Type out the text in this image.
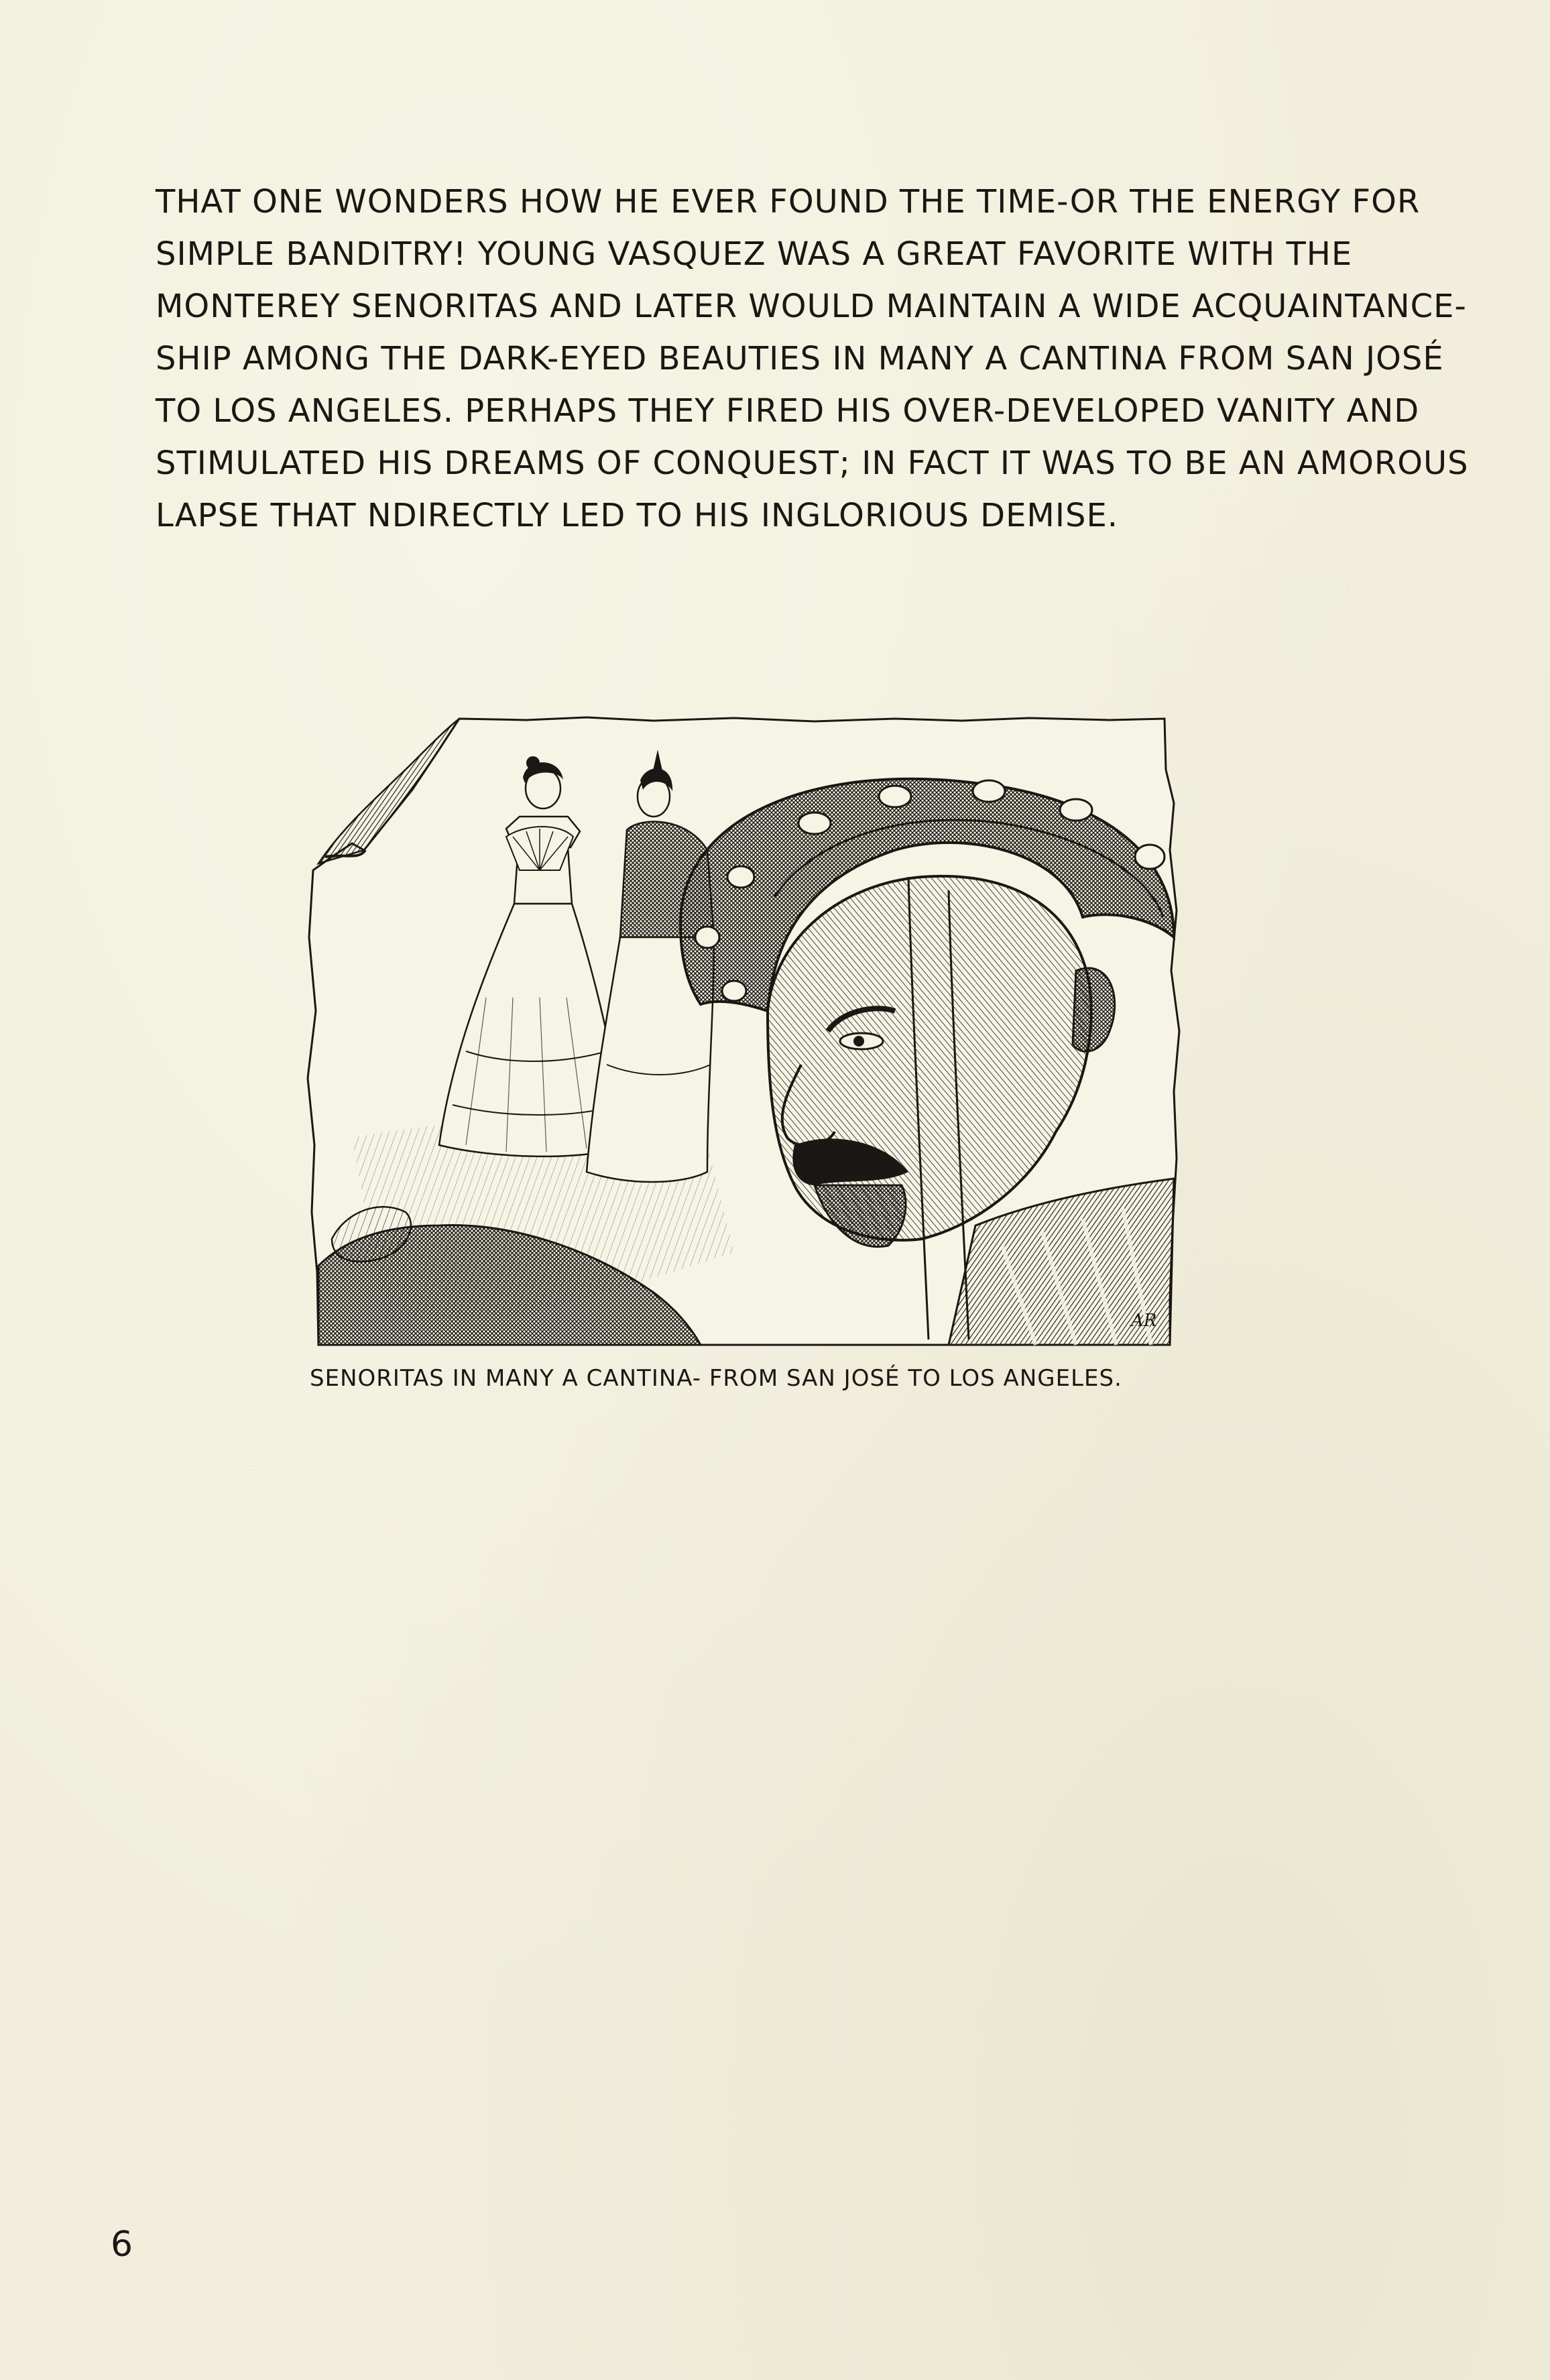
THAT ONE WONDERS HOW HE EVER FOUND THE TIME-OR THE ENERGY FOR
SIMPLE BANDITRY! YOUNG VASQUEZ WAS A GREAT FAVORITE WITH THE
MONTEREY SENORITAS AND LATER WOULD MAINTAIN A WIDE ACQUAINTANCE-
SHIP AMONG THE DARK-EYED BEAUTIES IN MANY A CANTINA FROM SAN JOSÉ
TO LOS ANGELES. PERHAPS THEY FIRED HIS OVER-DEVELOPED VANITY AND
STIMULATED HIS DREAMS OF CONQUEST; IN FACT IT WAS TO BE AN AMOROUS
LAPSE THAT NDIRECTLY LED TO HIS INGLORIOUS DEMISE.

AR

SENORITAS IN MANY A CANTINA- FROM SAN JOSÉ TO LOS ANGELES.

6
